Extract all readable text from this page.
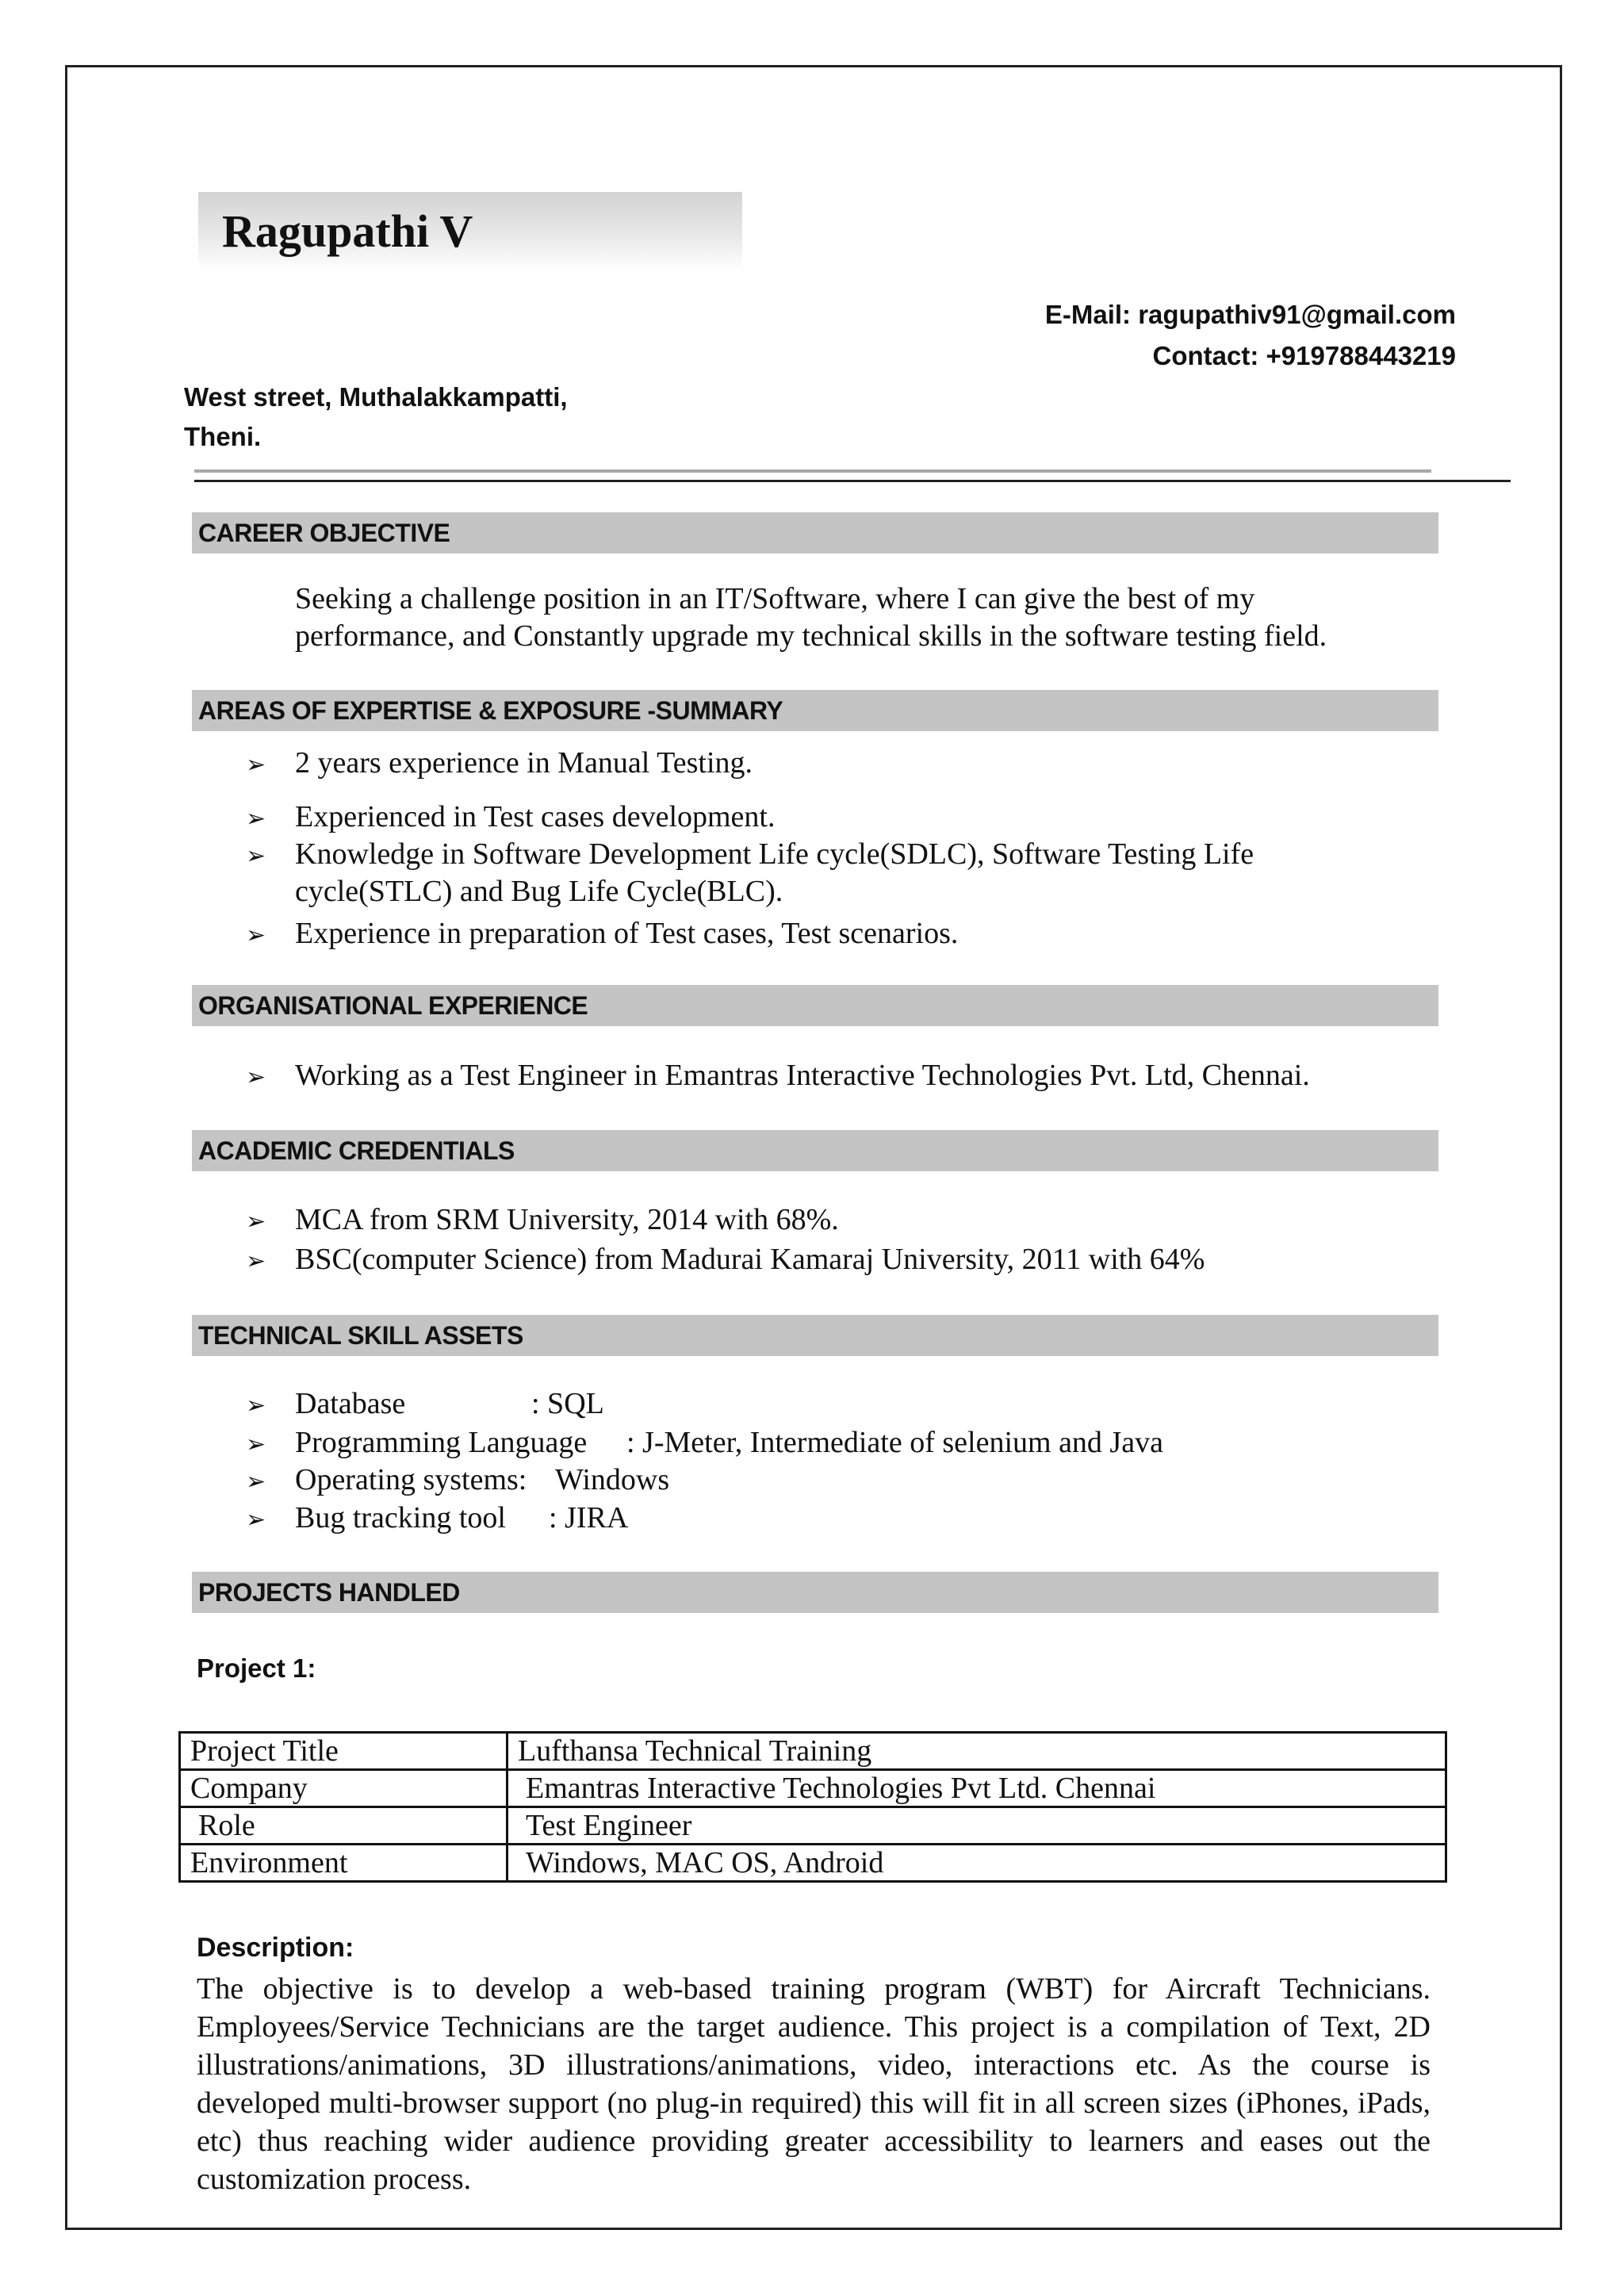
Ragupathi V
E-Mail: ragupathiv91@gmail.com
Contact: +919788443219
West street, Muthalakkampatti,
Theni.
CAREER OBJECTIVE
Seeking a challenge position in an IT/Software, where I can give the best of my
performance, and Constantly upgrade my technical skills in the software testing field.
AREAS OF EXPERTISE & EXPOSURE -SUMMARY
➢ 2 years experience in Manual Testing.
➢ Experienced in Test cases development.
➢ Knowledge in Software Development Life cycle(SDLC), Software Testing Life
cycle(STLC) and Bug Life Cycle(BLC).
➢ Experience in preparation of Test cases, Test scenarios.
ORGANISATIONAL EXPERIENCE
➢ Working as a Test Engineer in Emantras Interactive Technologies Pvt. Ltd, Chennai.
ACADEMIC CREDENTIALS
➢ MCA from SRM University, 2014 with 68%.
➢ BSC(computer Science) from Madurai Kamaraj University, 2011 with 64%
TECHNICAL SKILL ASSETS
➢ Database	: SQL
➢ Programming Language : J-Meter, Intermediate of selenium and Java
➢ Operating systems: Windows
➢ Bug tracking tool : JIRA
PROJECTS HANDLED
Project 1:
Project Title	Lufthansa Technical Training
Company	Emantras Interactive Technologies Pvt Ltd. Chennai
Role	Test Engineer
Environment	Windows, MAC OS, Android
Description:
The objective is to develop a web-based training program (WBT) for Aircraft Technicians. Employees/Service Technicians are the target audience. This project is a compilation of Text, 2D illustrations/animations, 3D illustrations/animations, video, interactions etc. As the course is developed multi-browser support (no plug-in required) this will fit in all screen sizes (iPhones, iPads, etc) thus reaching wider audience providing greater accessibility to learners and eases out the customization process.
